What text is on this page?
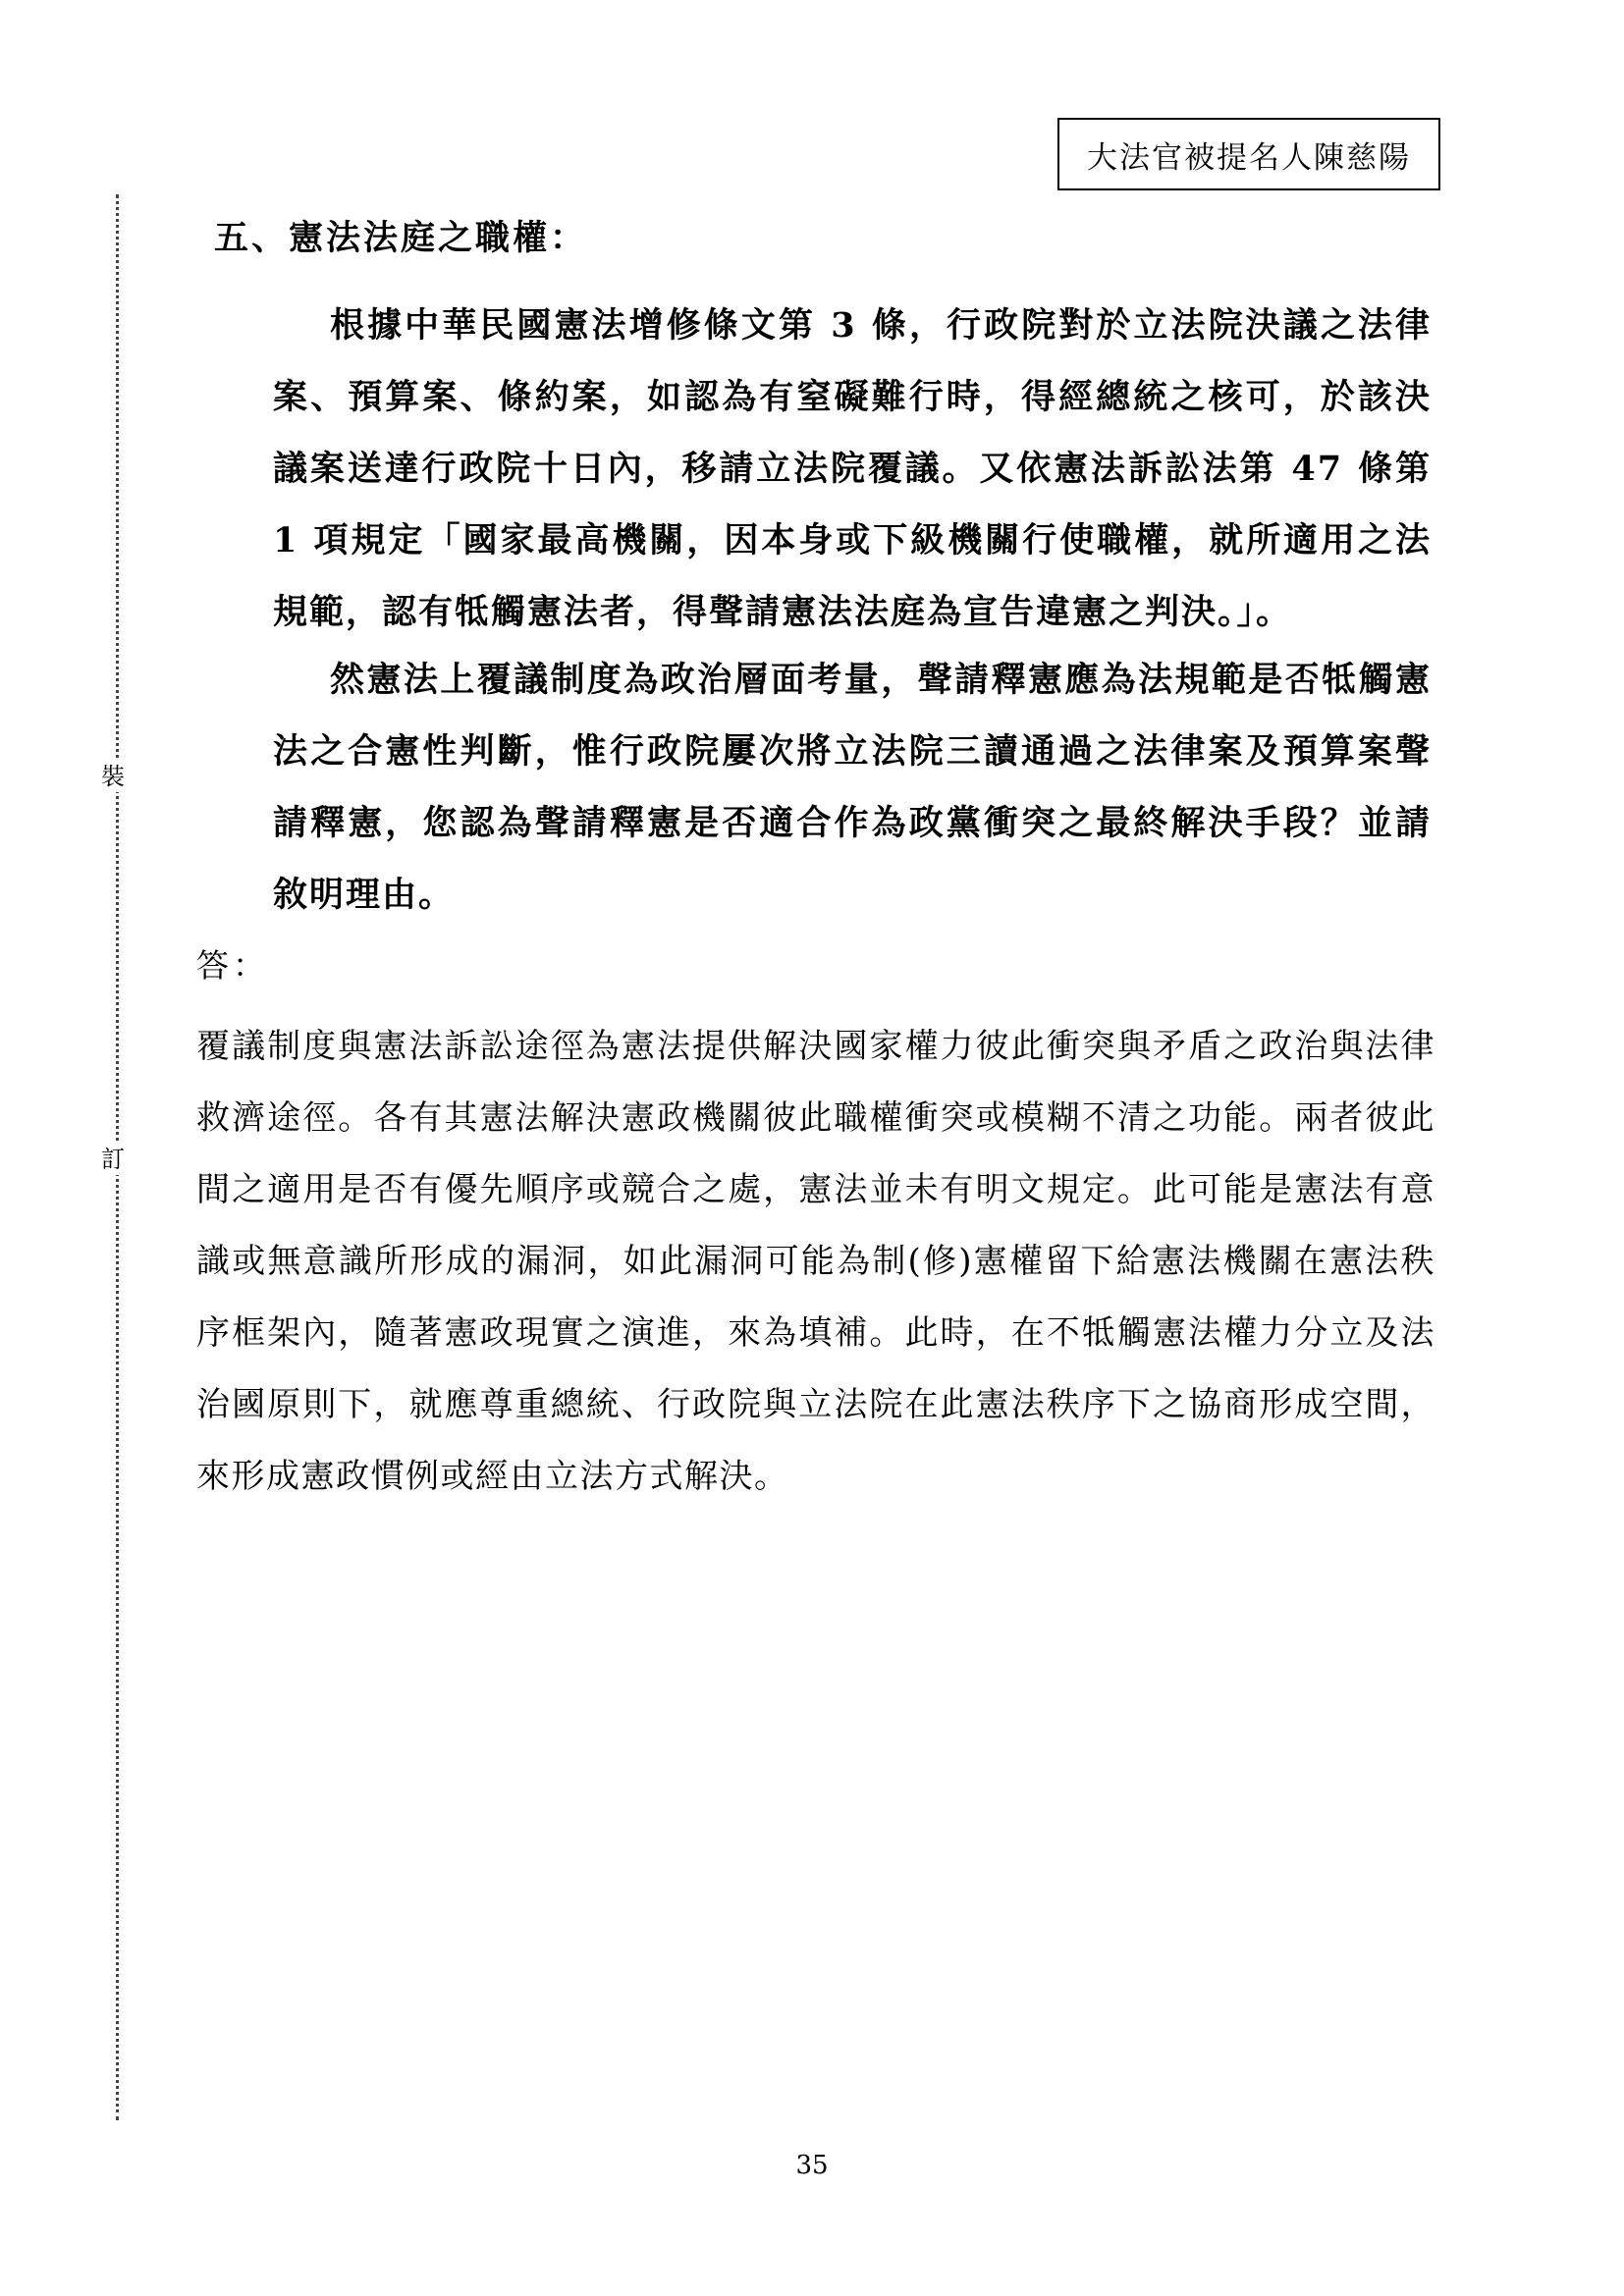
大法官被提名人陳慈陽
裝
訂
五、憲法法庭之職權：

根據中華民國憲法增修條文第 3 條，行政院對於立法院決議之法律案、預算案、條約案，如認為有窒礙難行時，得經總統之核可，於該決議案送達行政院十日內，移請立法院覆議。又依憲法訴訟法第 47 條第 1 項規定「國家最高機關，因本身或下級機關行使職權，就所適用之法規範，認有牴觸憲法者，得聲請憲法法庭為宣告違憲之判決。」。

然憲法上覆議制度為政治層面考量，聲請釋憲應為法規範是否牴觸憲法之合憲性判斷，惟行政院屢次將立法院三讀通過之法律案及預算案聲請釋憲，您認為聲請釋憲是否適合作為政黨衝突之最終解決手段？並請敘明理由。

答：

覆議制度與憲法訴訟途徑為憲法提供解決國家權力彼此衝突與矛盾之政治與法律救濟途徑。各有其憲法解決憲政機關彼此職權衝突或模糊不清之功能。兩者彼此間之適用是否有優先順序或競合之處，憲法並未有明文規定。此可能是憲法有意識或無意識所形成的漏洞，如此漏洞可能為制(修)憲權留下給憲法機關在憲法秩序框架內，隨著憲政現實之演進，來為填補。此時，在不牴觸憲法權力分立及法治國原則下，就應尊重總統、行政院與立法院在此憲法秩序下之協商形成空間，來形成憲政慣例或經由立法方式解決。

35
